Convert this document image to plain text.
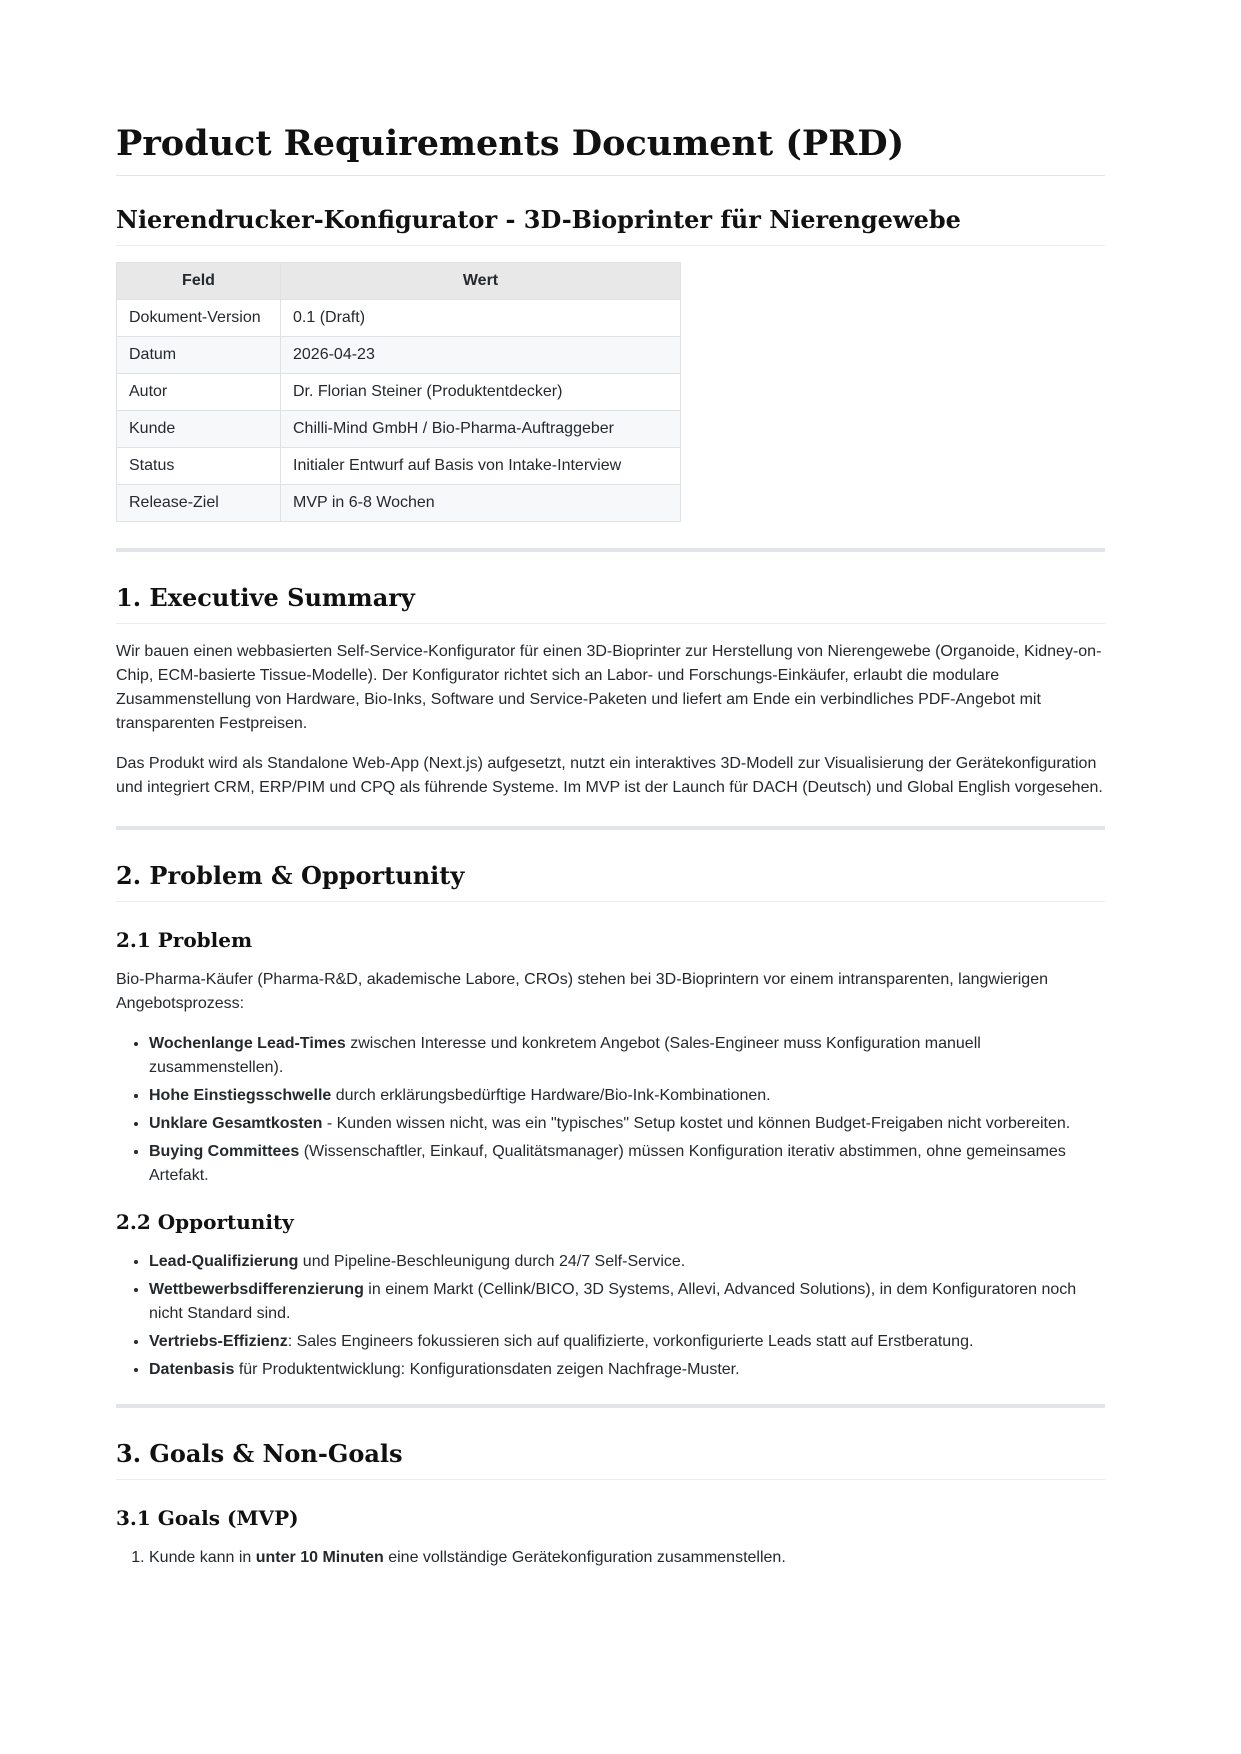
Product Requirements Document (PRD)
Nierendrucker-Konfigurator - 3D-Bioprinter für Nierengewebe
Feld	Wert
Dokument-Version	0.1 (Draft)
Datum	2026-04-23
Autor	Dr. Florian Steiner (Produktentdecker)
Kunde	Chilli-Mind GmbH / Bio-Pharma-Auftraggeber
Status	Initialer Entwurf auf Basis von Intake-Interview
Release-Ziel	MVP in 6-8 Wochen
1. Executive Summary

Wir bauen einen webbasierten Self-Service-Konfigurator für einen 3D-Bioprinter zur Herstellung von Nierengewebe (Organoide, Kidney-on-Chip, ECM-basierte Tissue-Modelle). Der Konfigurator richtet sich an Labor- und Forschungs-Einkäufer, erlaubt die modulare Zusammenstellung von Hardware, Bio-Inks, Software und Service-Paketen und liefert am Ende ein verbindliches PDF-Angebot mit transparenten Festpreisen.

Das Produkt wird als Standalone Web-App (Next.js) aufgesetzt, nutzt ein interaktives 3D-Modell zur Visualisierung der Gerätekonfiguration und integriert CRM, ERP/PIM und CPQ als führende Systeme. Im MVP ist der Launch für DACH (Deutsch) und Global English vorgesehen.

2. Problem & Opportunity
2.1 Problem

Bio-Pharma-Käufer (Pharma-R&D, akademische Labore, CROs) stehen bei 3D-Bioprintern vor einem intransparenten, langwierigen Angebotsprozess:

• Wochenlange Lead-Times zwischen Interesse und konkretem Angebot (Sales-Engineer muss Konfiguration manuell zusammenstellen).
• Hohe Einstiegsschwelle durch erklärungsbedürftige Hardware/Bio-Ink-Kombinationen.
• Unklare Gesamtkosten - Kunden wissen nicht, was ein "typisches" Setup kostet und können Budget-Freigaben nicht vorbereiten.
• Buying Committees (Wissenschaftler, Einkauf, Qualitätsmanager) müssen Konfiguration iterativ abstimmen, ohne gemeinsames Artefakt.
2.2 Opportunity
• Lead-Qualifizierung und Pipeline-Beschleunigung durch 24/7 Self-Service.
• Wettbewerbsdifferenzierung in einem Markt (Cellink/BICO, 3D Systems, Allevi, Advanced Solutions), in dem Konfiguratoren noch nicht Standard sind.
• Vertriebs-Effizienz: Sales Engineers fokussieren sich auf qualifizierte, vorkonfigurierte Leads statt auf Erstberatung.
• Datenbasis für Produktentwicklung: Konfigurationsdaten zeigen Nachfrage-Muster.
3. Goals & Non-Goals
3.1 Goals (MVP)
1. Kunde kann in unter 10 Minuten eine vollständige Gerätekonfiguration zusammenstellen.
